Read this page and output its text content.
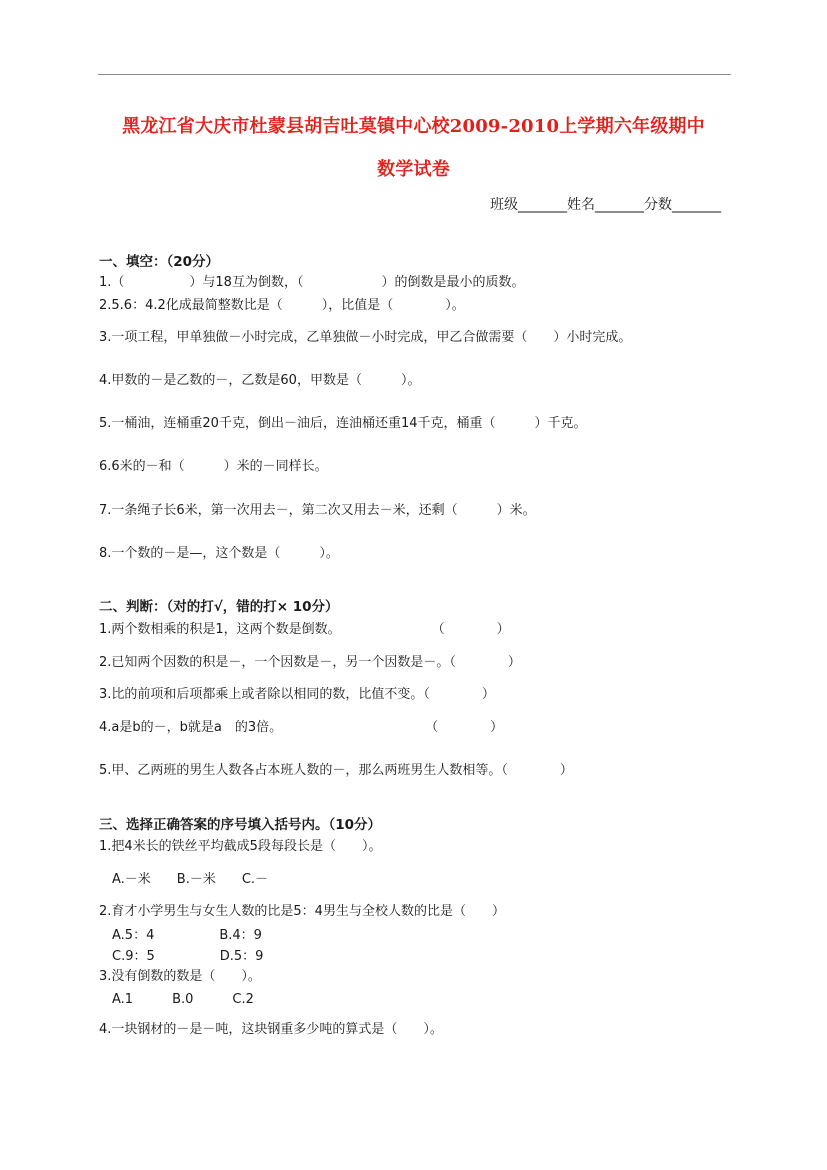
黑龙江省大庆市杜蒙县胡吉吐莫镇中心校2009-2010上学期六年级期中
数学试卷
班级_______姓名_______分数_______
一、填空：（20分）
1.（　　　　　）与18互为倒数，（　　　　　　）的倒数是最小的质数。
2.5.6：4.2化成最简整数比是（　　　），比值是（　　　　）。
3.一项工程，甲单独做－小时完成，乙单独做－小时完成，甲乙合做需要（　　）小时完成。
4.甲数的－是乙数的－，乙数是60，甲数是（　　　）。
5.一桶油，连桶重20千克，倒出－油后，连油桶还重14千克，桶重（　　　）千克。
6.6米的－和（　　　）米的－同样长。
7.一条绳子长6米，第一次用去－，第二次又用去－米，还剩（　　　）米。
8.一个数的－是—，这个数是（　　　）。
二、判断：（对的打√，错的打× 10分）
1.两个数相乘的积是1，这两个数是倒数。　　　　　　　　（　　　　）
2.已知两个因数的积是－，一个因数是－，另一个因数是－。（　　　　）
3.比的前项和后项都乘上或者除以相同的数，比值不变。（　　　　）
4.a是b的－，b就是a　的3倍。　　　　　　　　　　　　（　　　　）
5.甲、乙两班的男生人数各占本班人数的－，那么两班男生人数相等。（　　　　）
三、选择正确答案的序号填入括号内。（10分）
1.把4米长的铁丝平均截成5段每段长是（　　）。
　A.－米　　B.－米　　C.－
2.育才小学男生与女生人数的比是5：4男生与全校人数的比是（　　）
　A.5：4　　　　　B.4：9
　C.9：5　　　　　D.5：9
3.没有倒数的数是（　　）。
　A.1　　　B.0　　　C.2
4.一块钢材的－是－吨，这块钢重多少吨的算式是（　　）。
